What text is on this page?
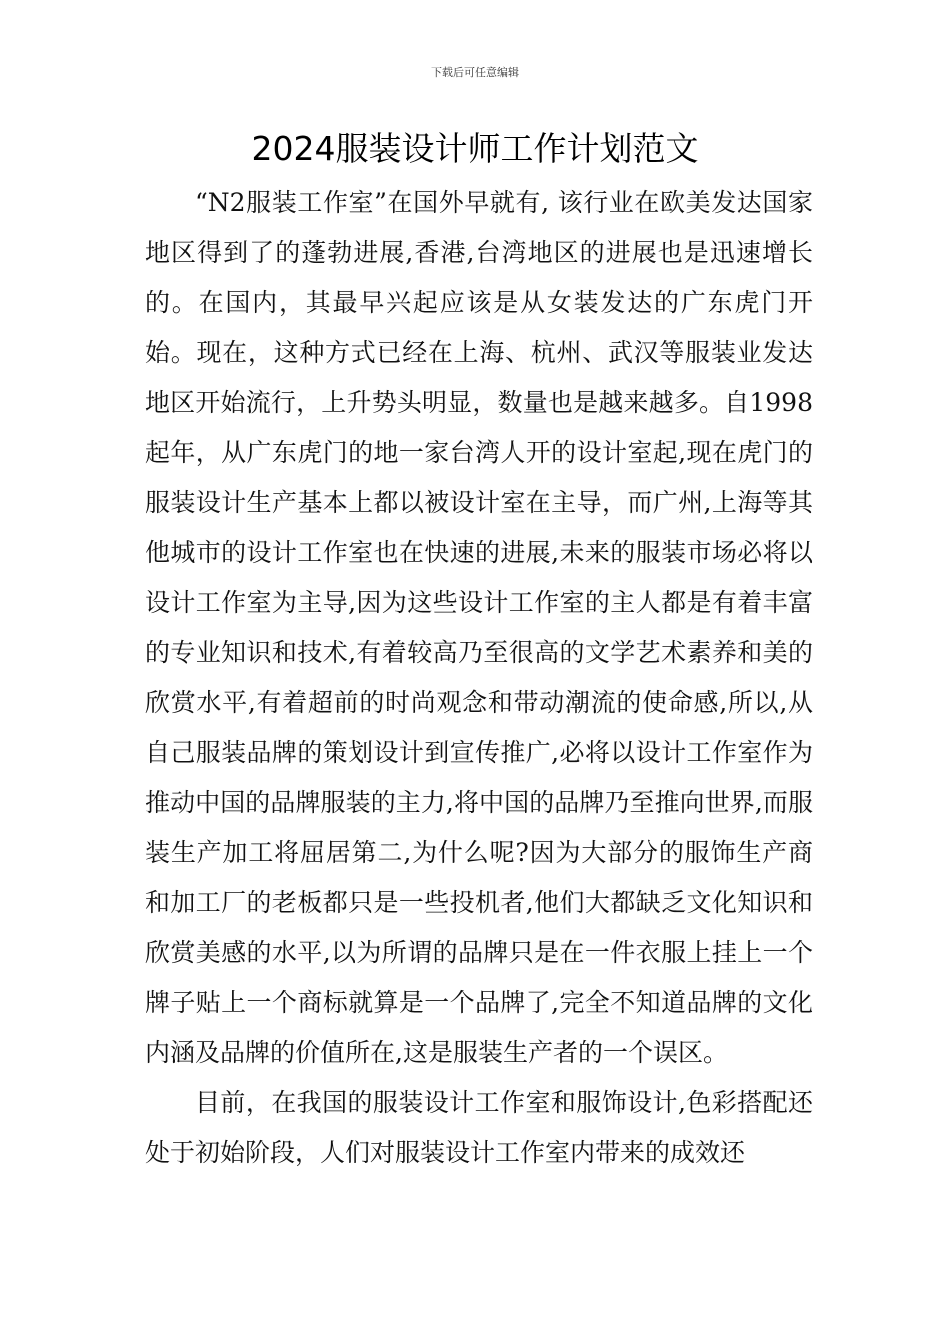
下载后可任意编辑
2024服装设计师工作计划范文

“N2服装工作室”在国外早就有, 该行业在欧美发达国家地区得到了的蓬勃进展,香港,台湾地区的进展也是迅速增长的。在国内，其最早兴起应该是从女装发达的广东虎门开始。现在，这种方式已经在上海、杭州、武汉等服装业发达地区开始流行，上升势头明显，数量也是越来越多。自1998起年，从广东虎门的地一家台湾人开的设计室起,现在虎门的服装设计生产基本上都以被设计室在主导，而广州,上海等其他城市的设计工作室也在快速的进展,未来的服装市场必将以设计工作室为主导,因为这些设计工作室的主人都是有着丰富的专业知识和技术,有着较高乃至很高的文学艺术素养和美的欣赏水平,有着超前的时尚观念和带动潮流的使命感,所以,从自己服装品牌的策划设计到宣传推广,必将以设计工作室作为推动中国的品牌服装的主力,将中国的品牌乃至推向世界,而服装生产加工将屈居第二,为什么呢?因为大部分的服饰生产商和加工厂的老板都只是一些投机者,他们大都缺乏文化知识和欣赏美感的水平,以为所谓的品牌只是在一件衣服上挂上一个牌子贴上一个商标就算是一个品牌了,完全不知道品牌的文化内涵及品牌的价值所在,这是服装生产者的一个误区。

目前，在我国的服装设计工作室和服饰设计,色彩搭配还处于初始阶段，人们对服装设计工作室内带来的成效还
